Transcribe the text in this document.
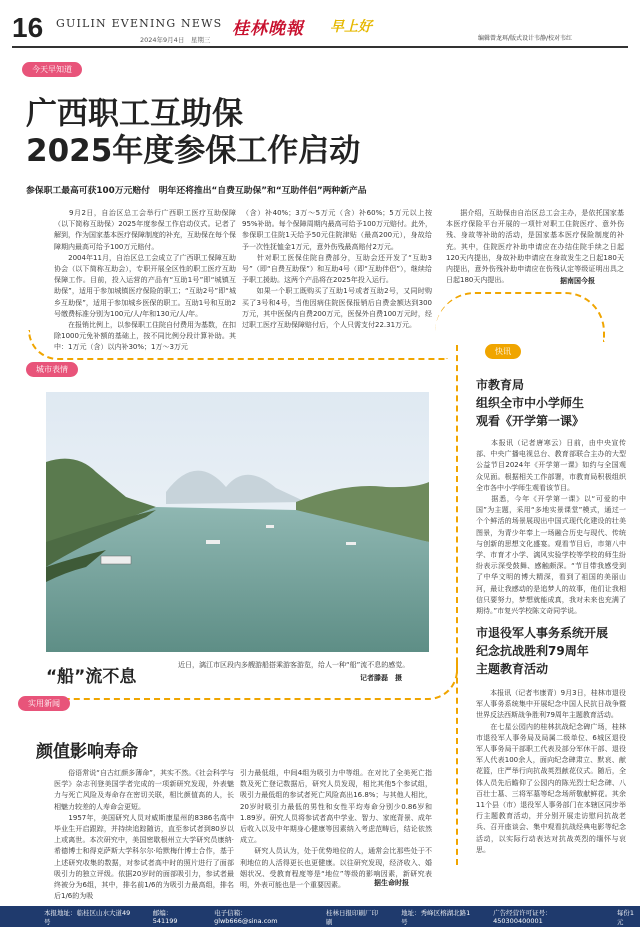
16 GUILIN EVENING NEWS
2024年9月4日　星期三
桂林晚報 早上好
编辑曾龙珥/版式设计韦静/校对韦红
今天早知道
广西职工互助保
2025年度参保工作启动
参保职工最高可获100万元赔付　明年还将推出“自费互助保”和“互助伴侣”两种新产品
　　9月2日，自治区总工会举行广西职工医疗互助保障（以下简称互助保）2025年度参保工作启动仪式。记者了解到，作为国家基本医疗保障制度的补充，互助保在每个保障期内最高可给予100万元赔付。
　　2004年11月，自治区总工会成立了广西职工保障互助协会（以下简称互助会），专职开展全区性的职工医疗互助保障工作。目前，投入运营的产品有“互助1号”即“城镇互助保”，适用于参加城镇医疗保险的职工；“互助2号”即“城乡互助保”，适用于参加城乡医保的职工。互助1号和互助2号缴费标准分别为100元/人/年和130元/人/年。
　　在报销比例上，以参保职工住院自付费用为基数，在扣除1000元免补额的基础上，按不同比例分段计算补助。其中：1万元（含）以内补30%；1万～3万元
（含）补40%；3万～5万元（含）补60%；5万元以上按95%补助。每个保障周期内最高可给予100万元赔付。此外，参保职工住院1天给予50元住院津贴（最高200元），身故给予一次性抚恤金1万元，意外伤残最高赔付2万元。
　　针对职工医保住院自费部分，互助会还开发了“互助3号”（即“自费互助保”）和互助4号（即“互助伴侣”），继续给予职工援助。这两个产品将在2025年投入运行。
　　如果一个职工既购买了互助1号或者互助2号，又同时购买了3号和4号，当他因病住院医保报销后自费金额达到300万元，其中医保内自费200万元，医保外自费100万元时，经过职工医疗互助保障赔付后，个人只需支付22.31万元。
　　据介绍，互助保由自治区总工会主办，是依托国家基本医疗保险平台开展的一项针对职工住院医疗、意外伤残、身故等补助的活动，是国家基本医疗保险制度的补充。其中，住院医疗补助申请应在办结住院手续之日起120天内提出，身故补助申请应在身故发生之日起180天内提出，意外伤残补助申请应在伤残认定等级证明出具之日起180天内提出。	据南国今报
城市表情
“船”流不息
近日，漓江市区段内多艘游船搭乘游客游览，给人一种“船”流不息的感觉。
记者滕磊　摄
快讯
市教育局
组织全市中小学师生
观看《开学第一课》
　　本报讯（记者唐寒云）日前，由中央宣传部、中央广播电视总台、教育部联合主办的大型公益节目2024年《开学第一课》如约与全国观众见面。根据相关工作部署，市教育局积极组织全市各中小学师生观看该节目。
　　据悉，今年《开学第一课》以“可爱的中国”为主题，采用“多地实景课堂”模式，通过一个个鲜活的场景展现出中国式现代化建设的壮美图景，为青少年奉上一场融合历史与现代、传统与创新的思想文化盛宴。观看节目后，市第八中学、市育才小学、漓风实验学校等学校的师生纷纷表示深受鼓舞、感触颇深。“节目带我感受到了中华文明的博大精深，看到了祖国的美丽山河，最让我感动的是追梦人的故事，他们让我相信只要努力，梦想就能成真，我对未来也充满了期待。”市复兴学校陈文奇同学说。
市退役军人事务系统开展
纪念抗战胜利79周年
主题教育活动
　　本报讯（记者韦康青）9月3日，桂林市退役军人事务系统集中开展纪念中国人民抗日战争暨世界反法西斯战争胜利79周年主题教育活动。
　　在七星公园内的桂林抗战纪念碑广场，桂林市退役军人事务局及局属二级单位、6城区退役军人事务局干部职工代表及部分军休干部、退役军人代表100余人，面向纪念碑肃立、默哀、献花篮，庄严举行向抗战英烈献花仪式。随后，全体人员先后瞻仰了公园内的陈光烈士纪念碑、八百壮士墓、三将军墓等纪念场所敬献鲜花。其余11个县（市）退役军人事务部门在本辖区同步举行主题教育活动，并分别开展走访慰问抗战老兵、召开座谈会、集中观看抗战经典电影等纪念活动，以实际行动表达对抗战英烈的缅怀与哀思。
实用新闻
颜值影响寿命
　　俗语常说“自古红颜多薄命”，其实不然。《社会科学与医学》杂志刊登美国学者完成的一项新研究发现，外表魅力与死亡风险及寿命存在密切关联，相比颜值高的人，长相魅力较差的人寿命会更短。
　　1957年，美国研究人员对威斯康星州的8386名高中毕业生开启跟踪，并持续追踪随访，直至参试者到80岁以上或离世。本次研究中，美国密歇根州立大学研究员康纳·希德博士和得克萨斯大学科尔尔·哈默梅什博士合作，基于上述研究收集的数据，对参试者高中时的照片进行了面部吸引力的独立评级。依据20岁时的面部吸引力，参试者最终被分为6组，其中，排名前1/6的为吸引力最高组，排名后1/6的为吸
引力最低组，中间4组为吸引力中等组。在对比了全美死亡指数及死亡登记数据后，研究人员发现，相比其他5个参试组，吸引力最低组的参试者死亡风险高出16.8%；与其他人相比，20岁时吸引力最低的男性和女性平均寿命分别少0.86岁和1.89岁。研究人员将参试者高中学业、智力、家庭背景、成年后收入以及中年期身心健康等因素纳入考虑范畴后，结论依然成立。
　　研究人员认为，处于优势地位的人，通常会比那些处于不利地位的人活得更长也更健康。以往研究发现，经济收入、婚姻状况、受教育程度等是“地位”等级的影响因素，新研究表明，外表可能也是一个重要因素。	据生命时报
本报地址：临桂区山水大道49号
邮编：541199
电子信箱：glwb666@sina.com
桂林日报印刷厂印刷
地址：秀峰区榕湖北路1号
广告经营许可证号：450300400001
每份1元
